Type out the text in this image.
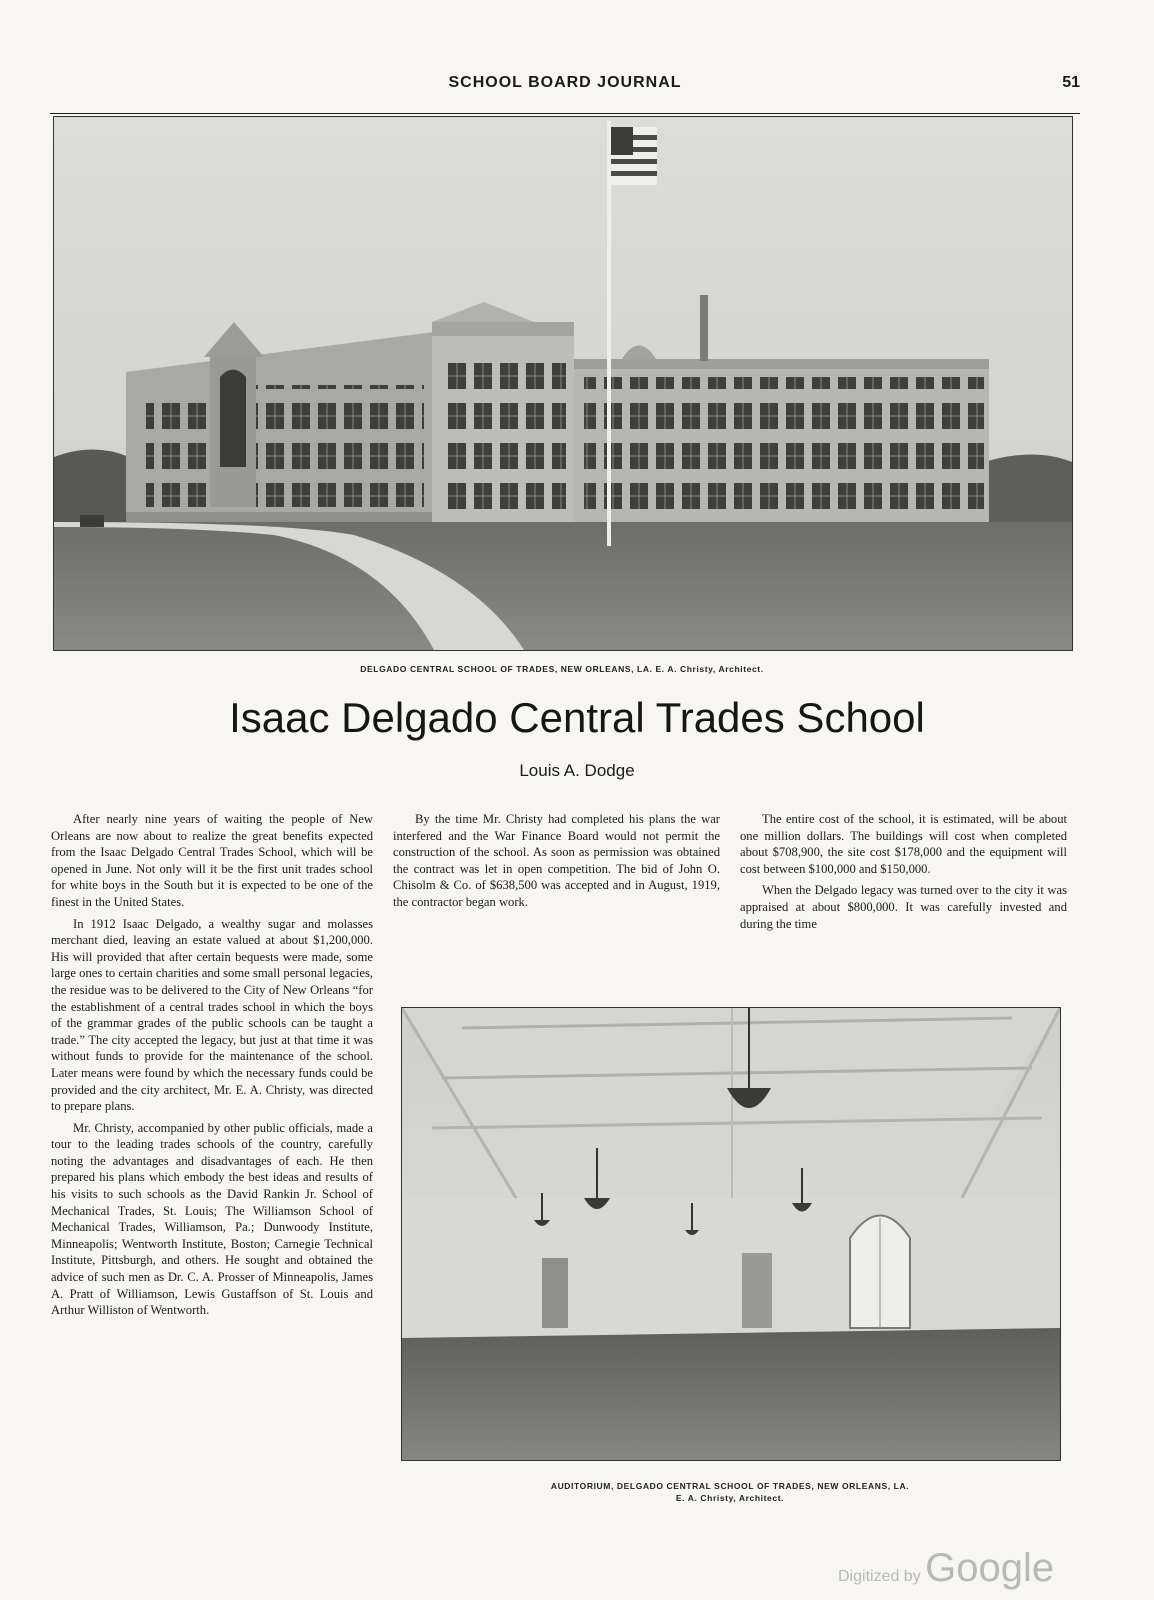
SCHOOL BOARD JOURNAL	51
DELGADO CENTRAL SCHOOL OF TRADES, NEW ORLEANS, LA. E. A. Christy, Architect.
Isaac Delgado Central Trades School
Louis A. Dodge

After nearly nine years of waiting the people of New Orleans are now about to realize the great benefits expected from the Isaac Delgado Central Trades School, which will be opened in June. Not only will it be the first unit trades school for white boys in the South but it is expected to be one of the finest in the United States.

In 1912 Isaac Delgado, a wealthy sugar and molasses merchant died, leaving an estate valued at about $1,200,000. His will provided that after certain bequests were made, some large ones to certain charities and some small personal legacies, the residue was to be delivered to the City of New Orleans “for the establishment of a central trades school in which the boys of the grammar grades of the public schools can be taught a trade.” The city accepted the legacy, but just at that time it was without funds to provide for the maintenance of the school. Later means were found by which the necessary funds could be provided and the city architect, Mr. E. A. Christy, was directed to prepare plans.

Mr. Christy, accompanied by other public officials, made a tour to the leading trades schools of the country, carefully noting the advantages and disadvantages of each. He then prepared his plans which embody the best ideas and results of his visits to such schools as the David Rankin Jr. School of Mechanical Trades, St. Louis; The Williamson School of Mechanical Trades, Williamson, Pa.; Dunwoody Institute, Minneapolis; Wentworth Institute, Boston; Carnegie Technical Institute, Pittsburgh, and others. He sought and obtained the advice of such men as Dr. C. A. Prosser of Minneapolis, James A. Pratt of Williamson, Lewis Gustaffson of St. Louis and Arthur Williston of Wentworth.

By the time Mr. Christy had completed his plans the war interfered and the War Finance Board would not permit the construction of the school. As soon as permission was obtained the contract was let in open competition. The bid of John O. Chisolm & Co. of $638,500 was accepted and in August, 1919, the contractor began work.

The entire cost of the school, it is estimated, will be about one million dollars. The buildings will cost when completed about $708,900, the site cost $178,000 and the equipment will cost between $100,000 and $150,000.

When the Delgado legacy was turned over to the city it was appraised at about $800,000. It was carefully invested and during the time

AUDITORIUM, DELGADO CENTRAL SCHOOL OF TRADES, NEW ORLEANS, LA.
E. A. Christy, Architect.
Digitized by Google
